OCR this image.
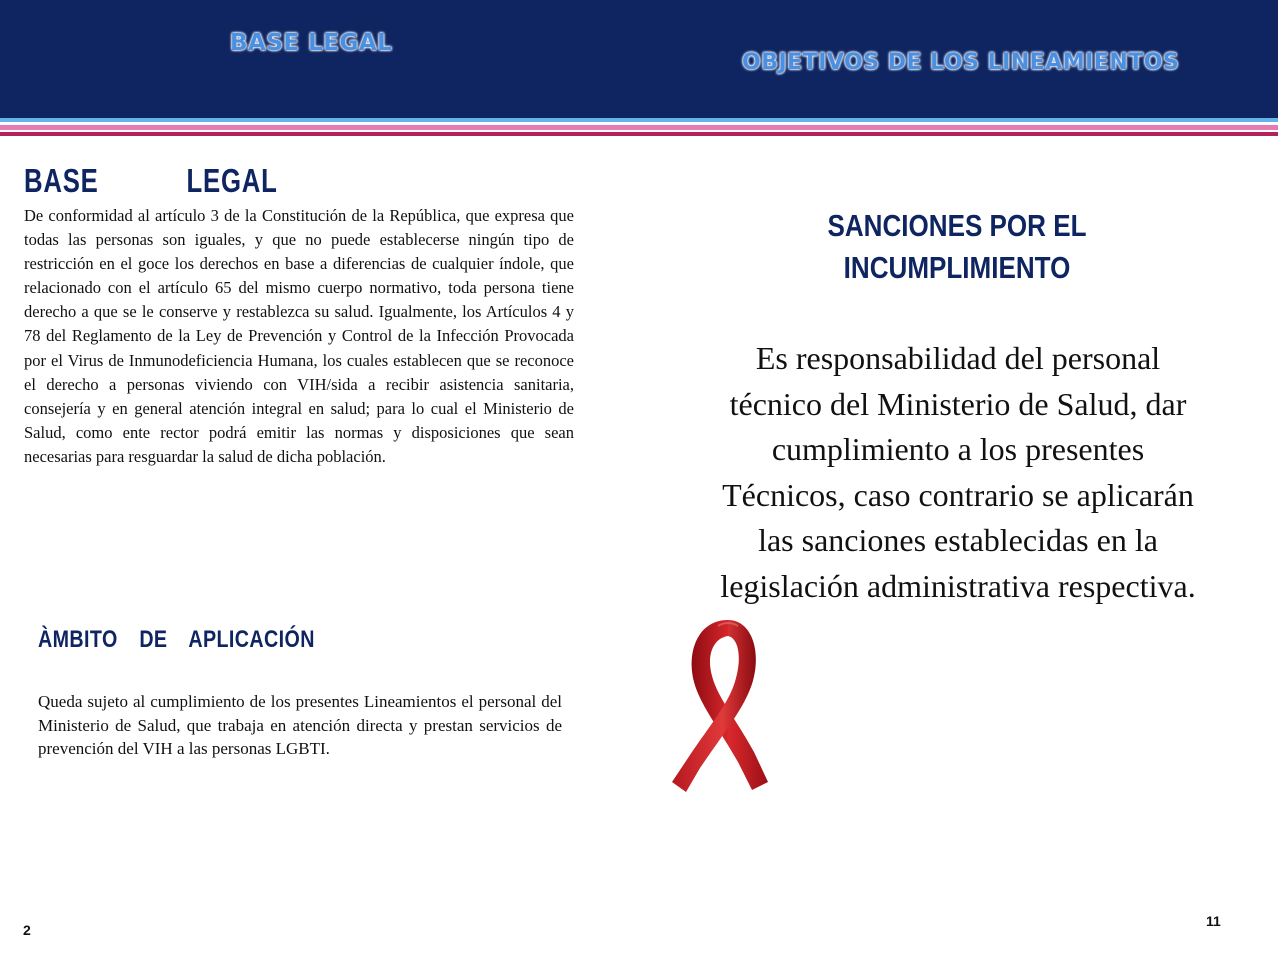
BASE LEGAL
OBJETIVOS DE LOS LINEAMIENTOS
BASE    LEGAL

De conformidad al artículo 3 de la Constitución de la República, que expresa que todas las personas son iguales, y que no puede establecerse ningún tipo de restricción en el goce los derechos en base a diferencias de cualquier índole, que relacionado con el artículo 65 del mismo cuerpo normativo, toda persona tiene derecho a que se le conserve y restablezca su salud. Igualmente, los Artículos 4 y 78 del Reglamento de la Ley de Prevención y Control de la Infección Provocada por el Virus de Inmunodeficiencia Humana, los cuales establecen que se reconoce el derecho a personas viviendo con VIH/sida a recibir asistencia sanitaria, consejería y en general atención integral en salud; para lo cual el Ministerio de Salud, como ente rector podrá emitir las normas y disposiciones que sean necesarias para resguardar la salud de dicha población.

ÀMBITO  DE  APLICACIÓN

Queda sujeto al cumplimiento de los presentes Lineamientos el personal del Ministerio de Salud, que trabaja en atención directa y prestan servicios de prevención del VIH a las personas LGBTI.

SANCIONES POR EL INCUMPLIMIENTO

Es responsabilidad del personal técnico del Ministerio de Salud, dar cumplimiento a los presentes Técnicos, caso contrario se aplicarán las sanciones establecidas en la legislación administrativa respectiva.

2

11
